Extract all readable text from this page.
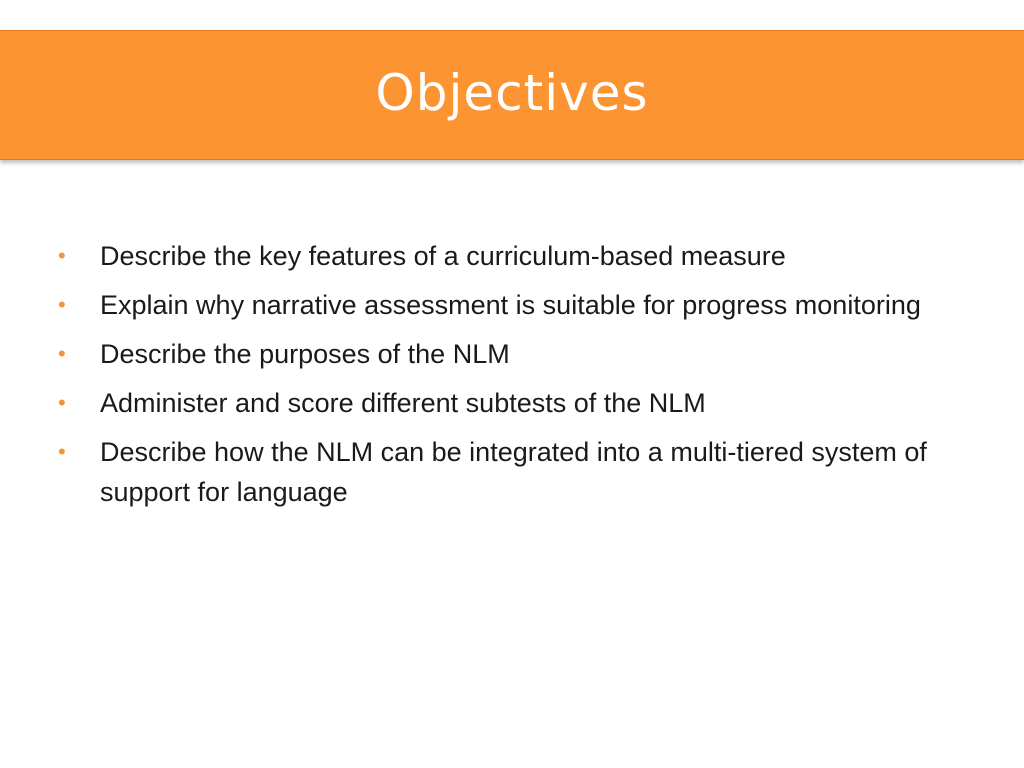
Objectives
•	Describe the key features of a curriculum-based measure
•	Explain why narrative assessment is suitable for progress monitoring
•	Describe the purposes of the NLM
•	Administer and score different subtests of the NLM
•	Describe how the NLM can be integrated into a multi-tiered system of support for language
